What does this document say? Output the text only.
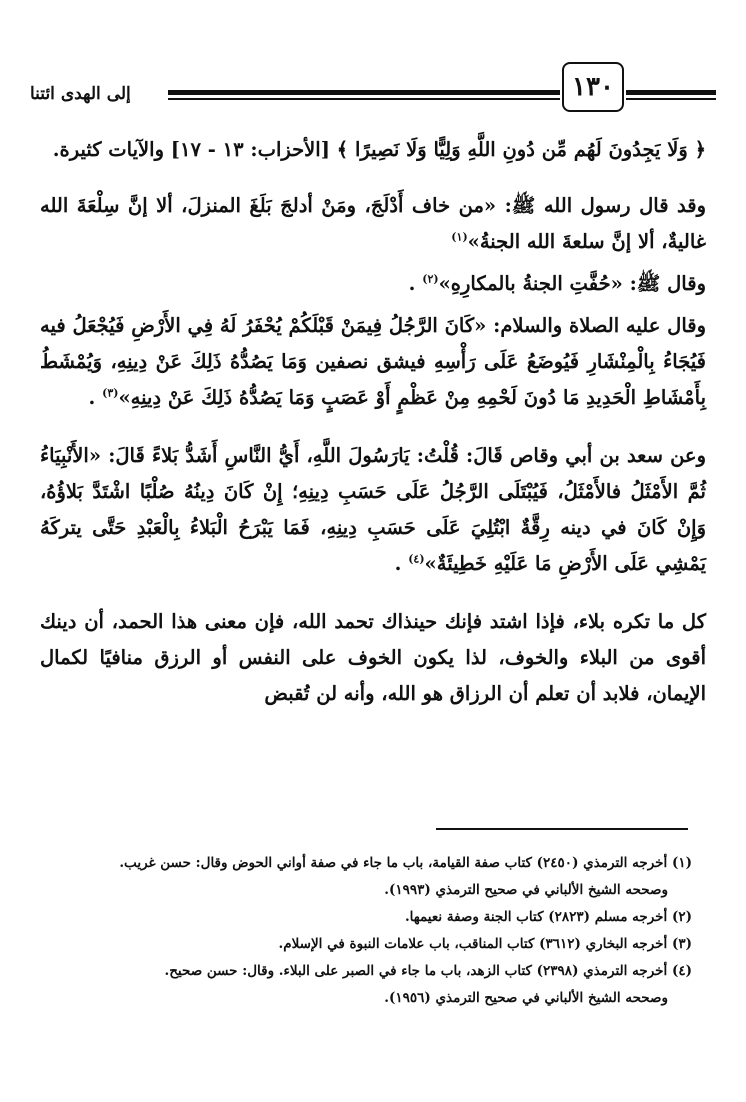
إلى الهدى ائتنا	١٣٠

﴿ وَلَا يَجِدُونَ لَهُم مِّن دُونِ اللَّهِ وَلِيًّا وَلَا نَصِيرًا ﴾ [الأحزاب: ١٣ - ١٧] والآيات كثيرة.

وقد قال رسول الله ﷺ: «من خاف أَدْلَجَ، ومَنْ أدلجَ بَلَغَ المنزلَ، ألا إنَّ سِلْعَةَ الله غاليةٌ، ألا إنَّ سلعةَ الله الجنةُ»$^{(١)}$

وقال ﷺ: «حُفَّتِ الجنةُ بالمكارِهِ»$^{(٢)}$ .

وقال عليه الصلاة والسلام: «كَانَ الرَّجُلُ فِيمَنْ قَبْلَكُمْ يُحْفَرُ لَهُ فِي الأَرْضِ فَيُجْعَلُ فيه فَيُجَاءُ بِالْمِنْشَارِ فَيُوضَعُ عَلَى رَأْسِهِ فيشق نصفين وَمَا يَصُدُّهُ ذَلِكَ عَنْ دِينِهِ، وَيُمْشَطُ بِأَمْشَاطِ الْحَدِيدِ مَا دُونَ لَحْمِهِ مِنْ عَظْمٍ أَوْ عَصَبٍ وَمَا يَصُدُّهُ ذَلِكَ عَنْ دِينِهِ»$^{(٣)}$ .

وعن سعد بن أبي وقاص قَالَ: قُلْتُ: يَارَسُولَ اللَّهِ، أَيُّ النَّاسِ أَشَدُّ بَلاءً قَالَ: «الأَنْبِيَاءُ ثُمَّ الأَمْثَلُ فالأَمْثَلُ، فَيُبْتَلَى الرَّجُلُ عَلَى حَسَبِ دِينِهِ؛ إِنْ كَانَ دِينُهُ صُلْبًا اشْتَدَّ بَلاؤُهُ، وَإِنْ كَانَ في دينه رِقَّةٌ ابْتُلِيَ عَلَى حَسَبِ دِينِهِ، فَمَا يَبْرَحُ الْبَلاءُ بِالْعَبْدِ حَتَّى يتركَهُ يَمْشِي عَلَى الأَرْضِ مَا عَلَيْهِ خَطِيئَةٌ»$^{(٤)}$ .

كل ما تكره بلاء، فإذا اشتد فإنك حينذاك تحمد الله، فإن معنى هذا الحمد، أن دينك أقوى من البلاء والخوف، لذا يكون الخوف على النفس أو الرزق منافيًا لكمال الإيمان، فلابد أن تعلم أن الرزاق هو الله، وأنه لن تُقبض

(١) أخرجه الترمذي (٢٤٥٠) كتاب صفة القيامة، باب ما جاء في صفة أواني الحوض وقال: حسن غريب.

وصححه الشيخ الألباني في صحيح الترمذي (١٩٩٣).

(٢) أخرجه مسلم (٢٨٢٣) كتاب الجنة وصفة نعيمها.

(٣) أخرجه البخاري (٣٦١٢) كتاب المناقب، باب علامات النبوة في الإسلام.

(٤) أخرجه الترمذي (٢٣٩٨) كتاب الزهد، باب ما جاء في الصبر على البلاء. وقال: حسن صحيح.

وصححه الشيخ الألباني في صحيح الترمذي (١٩٥٦).
